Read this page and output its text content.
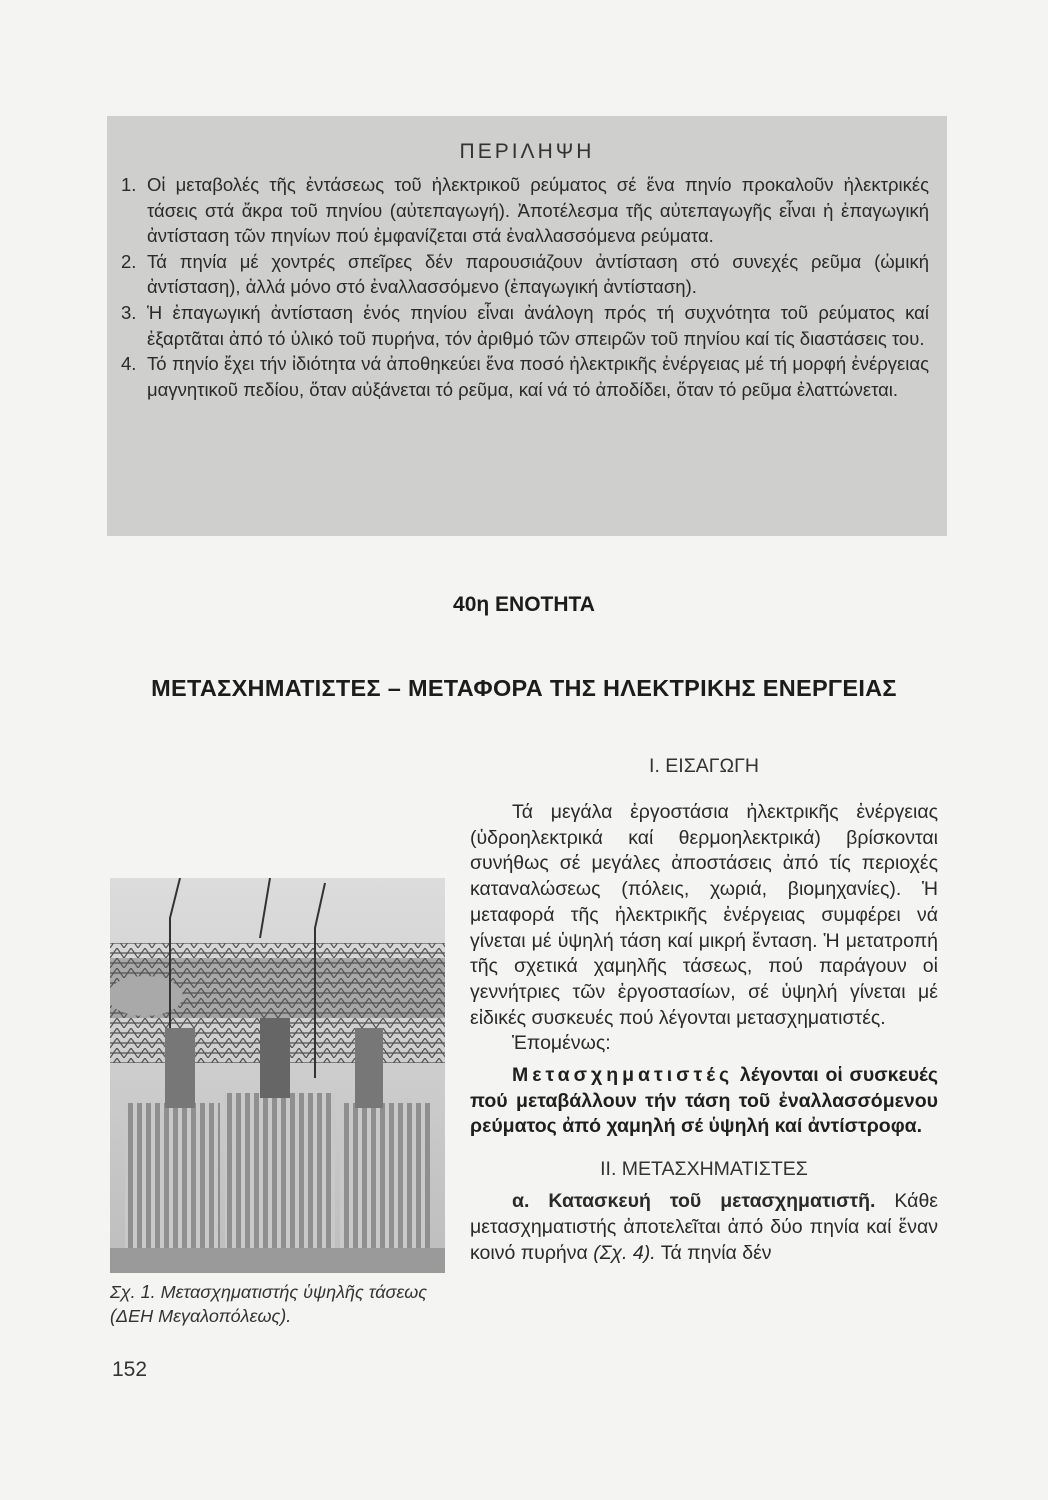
ΠΕΡΙΛΗΨΗ
1. Οἱ μεταβολές τῆς ἐντάσεως τοῦ ἠλεκτρικοῦ ρεύματος σέ ἕνα πηνίο προκαλοῦν ἠλεκτρικές τάσεις στά ἄκρα τοῦ πηνίου (αὐτεπαγωγή). Ἀποτέλεσμα τῆς αὐτεπαγωγῆς εἶναι ἡ ἐπαγωγική ἀντίσταση τῶν πηνίων πού ἐμφανίζεται στά ἐναλλασσόμενα ρεύματα.
2. Τά πηνία μέ χοντρές σπεῖρες δέν παρουσιάζουν ἀντίσταση στό συνεχές ρεῦμα (ὠμική ἀντίσταση), ἀλλά μόνο στό ἐναλλασσόμενο (ἐπαγωγική ἀντίσταση).
3. Ἡ ἐπαγωγική ἀντίσταση ἑνός πηνίου εἶναι ἀνάλογη πρός τή συχνότητα τοῦ ρεύματος καί ἐξαρτᾶται ἀπό τό ὑλικό τοῦ πυρήνα, τόν ἀριθμό τῶν σπειρῶν τοῦ πηνίου καί τίς διαστάσεις του.
4. Τό πηνίο ἔχει τήν ἰδιότητα νά ἀποθηκεύει ἕνα ποσό ἠλεκτρικῆς ἐνέργειας μέ τή μορφή ἐνέργειας μαγνητικοῦ πεδίου, ὅταν αὐξάνεται τό ρεῦμα, καί νά τό ἀποδίδει, ὅταν τό ρεῦμα ἐλαττώνεται.
40η ΕΝΟΤΗΤΑ
ΜΕΤΑΣΧΗΜΑΤΙΣΤΕΣ – ΜΕΤΑΦΟΡΑ ΤΗΣ ΗΛΕΚΤΡΙΚΗΣ ΕΝΕΡΓΕΙΑΣ
Σχ. 1. Μετασχηματιστής ὑψηλῆς τάσεως (ΔΕΗ Μεγαλοπόλεως).

I. ΕΙΣΑΓΩΓΗ

Τά μεγάλα ἐργοστάσια ἠλεκτρικῆς ἐνέργειας (ὑδροηλεκτρικά καί θερμοηλεκτρικά) βρίσκονται συνήθως σέ μεγάλες ἀποστάσεις ἀπό τίς περιοχές καταναλώσεως (πόλεις, χωριά, βιομηχανίες). Ἡ μεταφορά τῆς ἠλεκτρικῆς ἐνέργειας συμφέρει νά γίνεται μέ ὑψηλή τάση καί μικρή ἔνταση. Ἡ μετατροπή τῆς σχετικά χαμηλῆς τάσεως, πού παράγουν οἱ γεννήτριες τῶν ἐργοστασίων, σέ ὑψηλή γίνεται μέ εἰδικές συσκευές πού λέγονται μετασχηματιστές.

Ἑπομένως:

Μετασχηματιστές λέγονται οἱ συσκευές πού μεταβάλλουν τήν τάση τοῦ ἐναλλασσόμενου ρεύματος ἀπό χαμηλή σέ ὑψηλή καί ἀντίστροφα.

II. ΜΕΤΑΣΧΗΜΑΤΙΣΤΕΣ

α. Κατασκευή τοῦ μετασχηματιστῆ. Κάθε μετασχηματιστής ἀποτελεῖται ἀπό δύο πηνία καί ἕναν κοινό πυρήνα (Σχ. 4). Τά πηνία δέν

152
